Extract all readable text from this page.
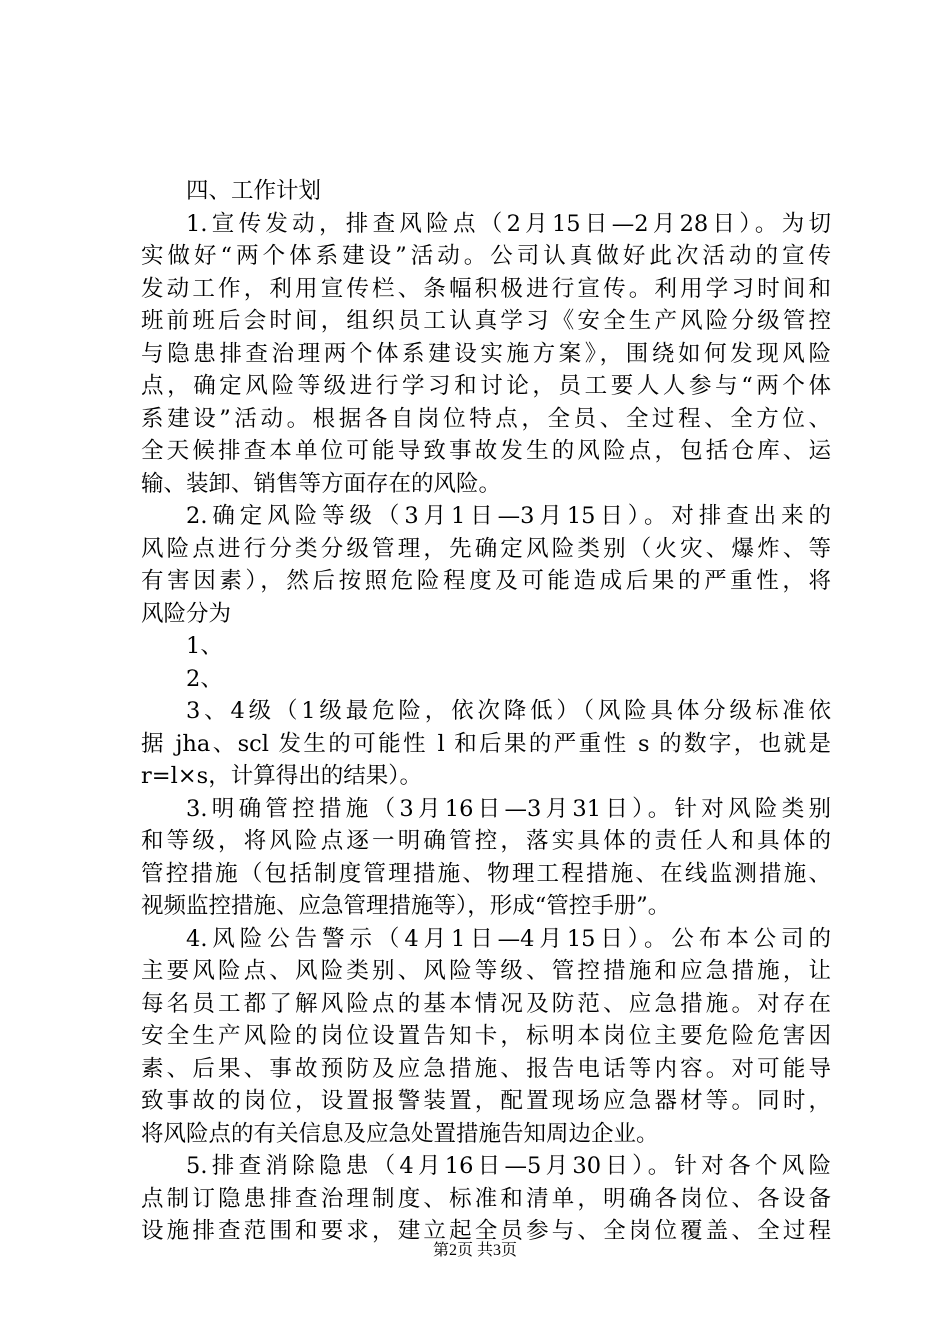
四、工作计划
1.宣传发动，排查风险点（2月15日—2月28日）。为切
实做好“两个体系建设”活动。公司认真做好此次活动的宣传
发动工作，利用宣传栏、条幅积极进行宣传。利用学习时间和
班前班后会时间，组织员工认真学习《安全生产风险分级管控
与隐患排查治理两个体系建设实施方案》，围绕如何发现风险
点，确定风险等级进行学习和讨论，员工要人人参与“两个体
系建设”活动。根据各自岗位特点，全员、全过程、全方位、
全天候排查本单位可能导致事故发生的风险点，包括仓库、运
输、装卸、销售等方面存在的风险。
2.确定风险等级（3月1日—3月15日）。对排查出来的
风险点进行分类分级管理，先确定风险类别（火灾、爆炸、等
有害因素），然后按照危险程度及可能造成后果的严重性，将
风险分为
1、
2、
3、4级（1级最危险，依次降低）（风险具体分级标准依
据 jha、scl 发生的可能性 l 和后果的严重性 s 的数字，也就是
r=l×s，计算得出的结果）。
3.明确管控措施（3月16日—3月31日）。针对风险类别
和等级，将风险点逐一明确管控，落实具体的责任人和具体的
管控措施（包括制度管理措施、物理工程措施、在线监测措施、
视频监控措施、应急管理措施等），形成“管控手册”。
4.风险公告警示（4月1日—4月15日）。公布本公司的
主要风险点、风险类别、风险等级、管控措施和应急措施，让
每名员工都了解风险点的基本情况及防范、应急措施。对存在
安全生产风险的岗位设置告知卡，标明本岗位主要危险危害因
素、后果、事故预防及应急措施、报告电话等内容。对可能导
致事故的岗位，设置报警装置，配置现场应急器材等。同时，
将风险点的有关信息及应急处置措施告知周边企业。
5.排查消除隐患（4月16日—5月30日）。针对各个风险
点制订隐患排查治理制度、标准和清单，明确各岗位、各设备
设施排查范围和要求，建立起全员参与、全岗位覆盖、全过程
第2页 共3页
